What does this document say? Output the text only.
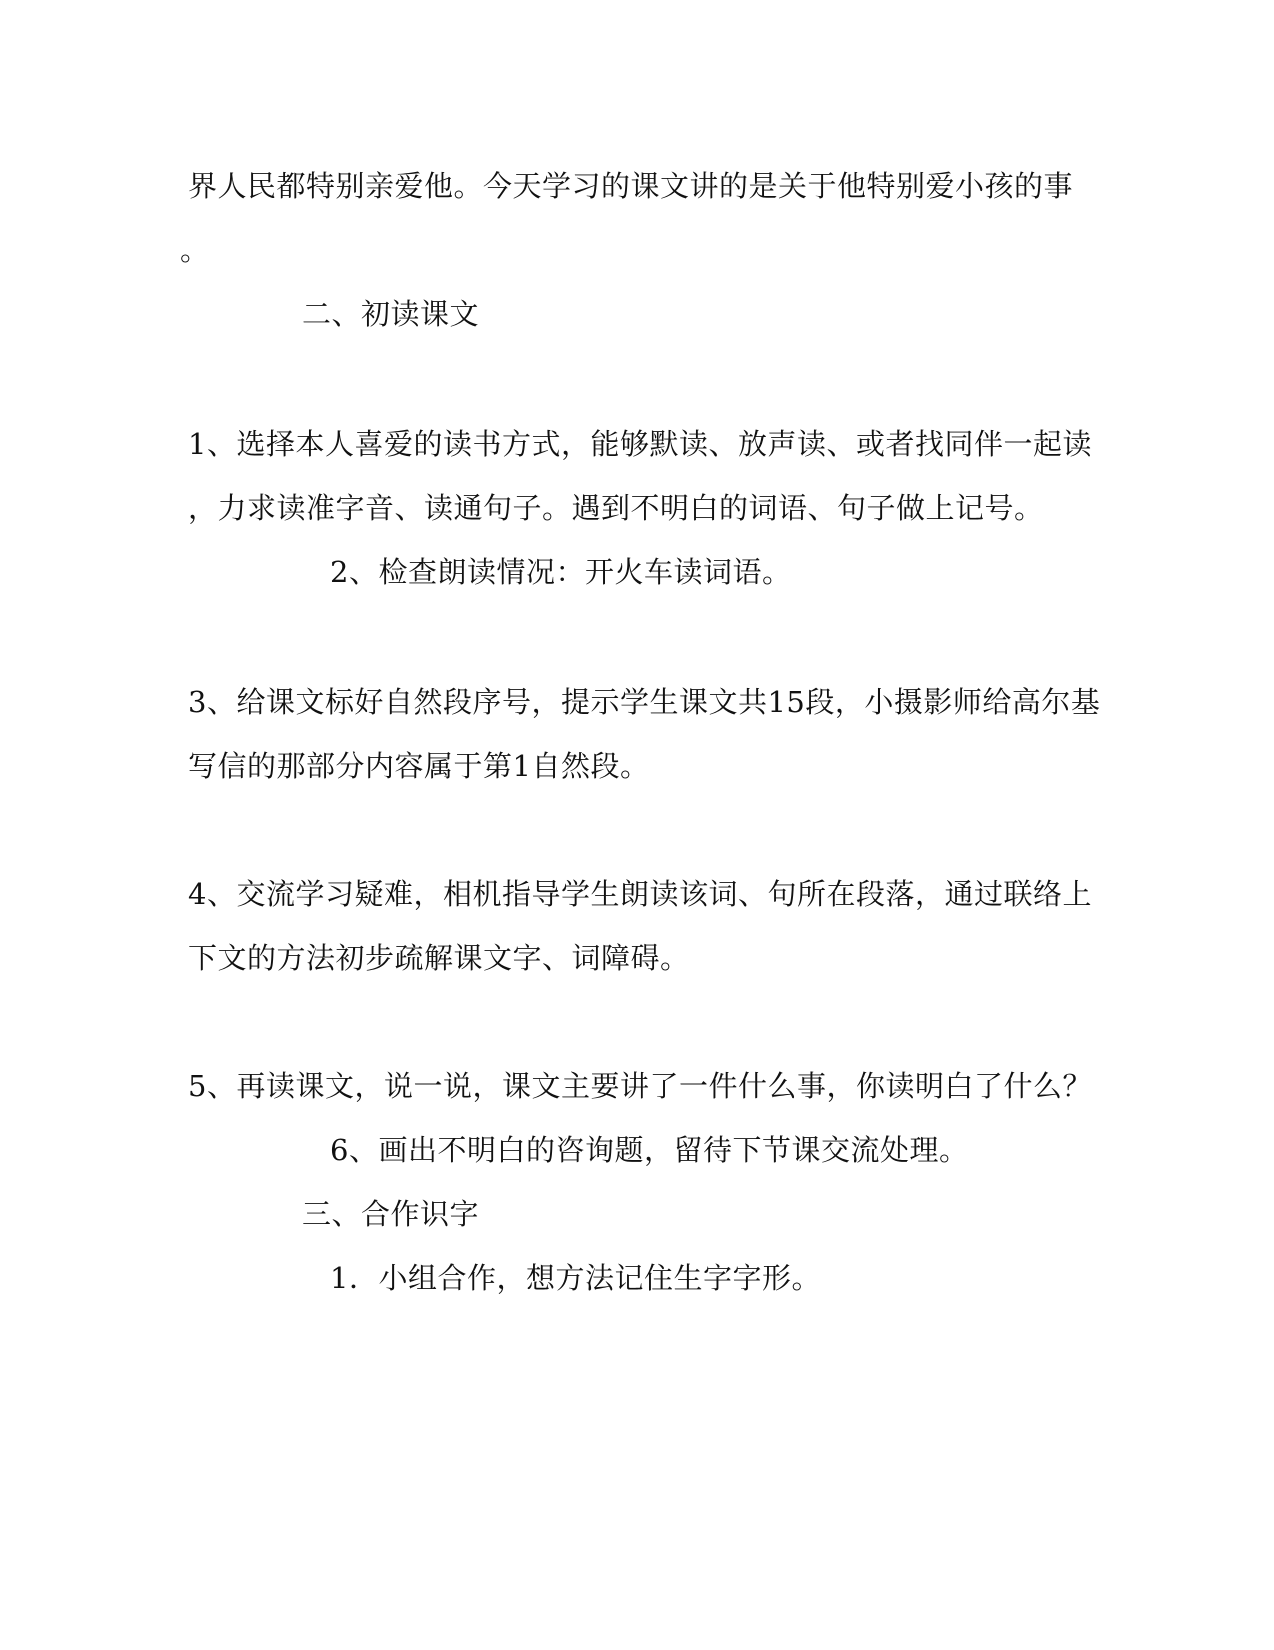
界人民都特别亲爱他。今天学习的课文讲的是关于他特别爱小孩的事
。
二、初读课文
1、选择本人喜爱的读书方式，能够默读、放声读、或者找同伴一起读
，力求读准字音、读通句子。遇到不明白的词语、句子做上记号。
2、检查朗读情况：开火车读词语。
3、给课文标好自然段序号，提示学生课文共15段，小摄影师给高尔基
写信的那部分内容属于第1自然段。
4、交流学习疑难，相机指导学生朗读该词、句所在段落，通过联络上
下文的方法初步疏解课文字、词障碍。
5、再读课文，说一说，课文主要讲了一件什么事，你读明白了什么？
6、画出不明白的咨询题，留待下节课交流处理。
三、合作识字
1．小组合作，想方法记住生字字形。
